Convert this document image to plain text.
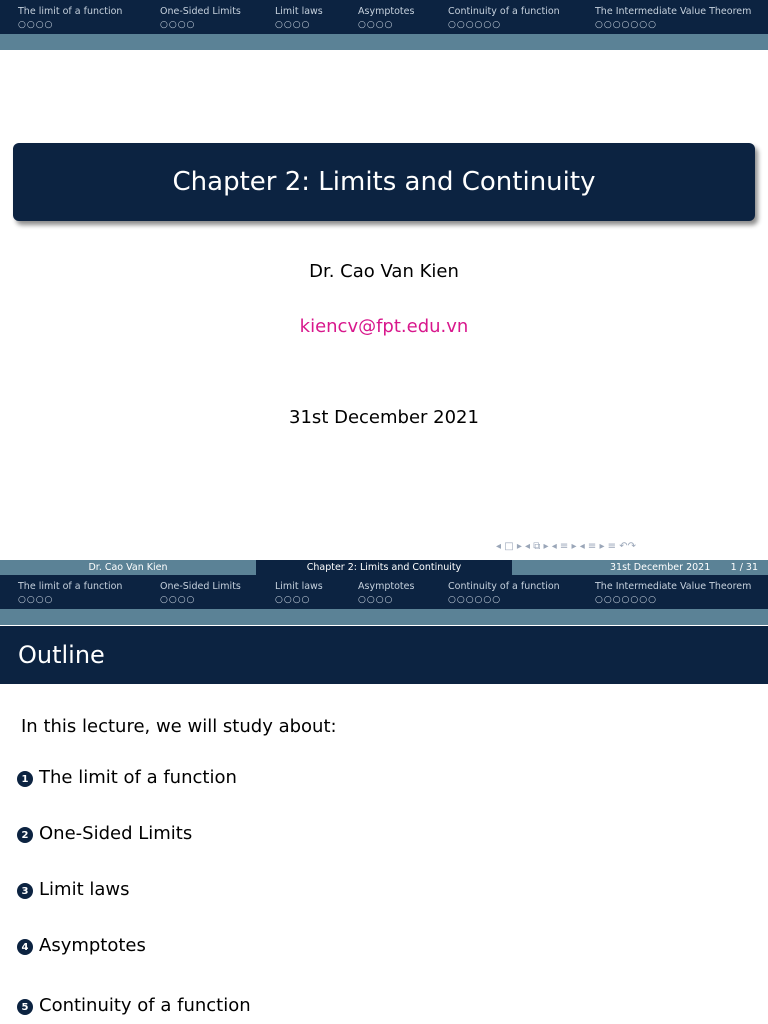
The limit of a function
○○○○
One-Sided Limits
○○○○
Limit laws
○○○○
Asymptotes
○○○○
Continuity of a function
○○○○○○
The Intermediate Value Theorem
○○○○○○○
Chapter 2: Limits and Continuity
Dr. Cao Van Kien
kiencv@fpt.edu.vn
31st December 2021
◂ □ ▸ ◂ ⧉ ▸ ◂ ≡ ▸ ◂ ≡ ▸ ≡ ↶↷
Dr. Cao Van Kien	Chapter 2: Limits and Continuity	31st December 2021 1 / 31
The limit of a function
○○○○
One-Sided Limits
○○○○
Limit laws
○○○○
Asymptotes
○○○○
Continuity of a function
○○○○○○
The Intermediate Value Theorem
○○○○○○○
Outline
In this lecture, we will study about:
1 The limit of a function
2 One-Sided Limits
3 Limit laws
4 Asymptotes
5 Continuity of a function
